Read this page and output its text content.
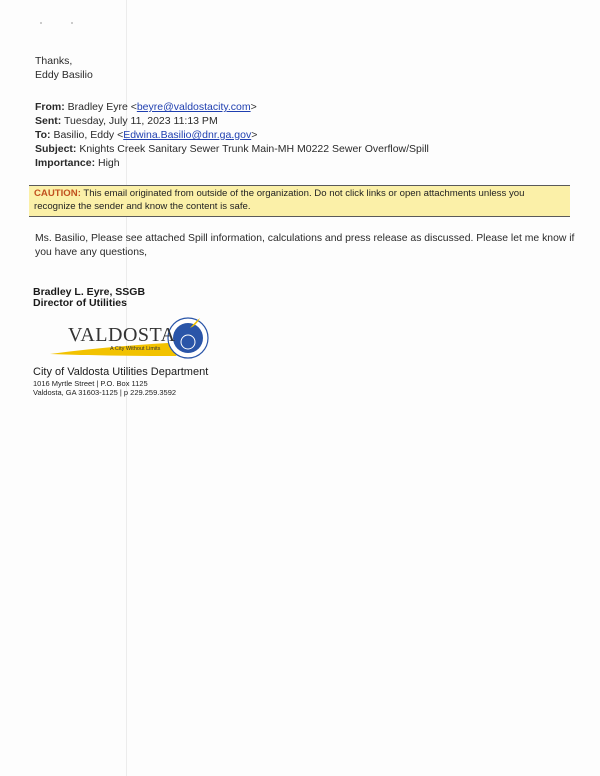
Thanks,
Eddy Basilio
From: Bradley Eyre <beyre@valdostacity.com>
Sent: Tuesday, July 11, 2023 11:13 PM
To: Basilio, Eddy <Edwina.Basilio@dnr.ga.gov>
Subject: Knights Creek Sanitary Sewer Trunk Main-MH M0222 Sewer Overflow/Spill
Importance: High
CAUTION: This email originated from outside of the organization. Do not click links or open attachments unless you recognize the sender and know the content is safe.
Ms. Basilio, Please see attached Spill information, calculations and press release as discussed. Please let me know if you have any questions,
Bradley L. Eyre, SSGB
Director of Utilities
VALDOSTA
A City Without Limits
City of Valdosta Utilities Department
1016 Myrtle Street | P.O. Box 1125
Valdosta, GA 31603-1125 | p 229.259.3592
